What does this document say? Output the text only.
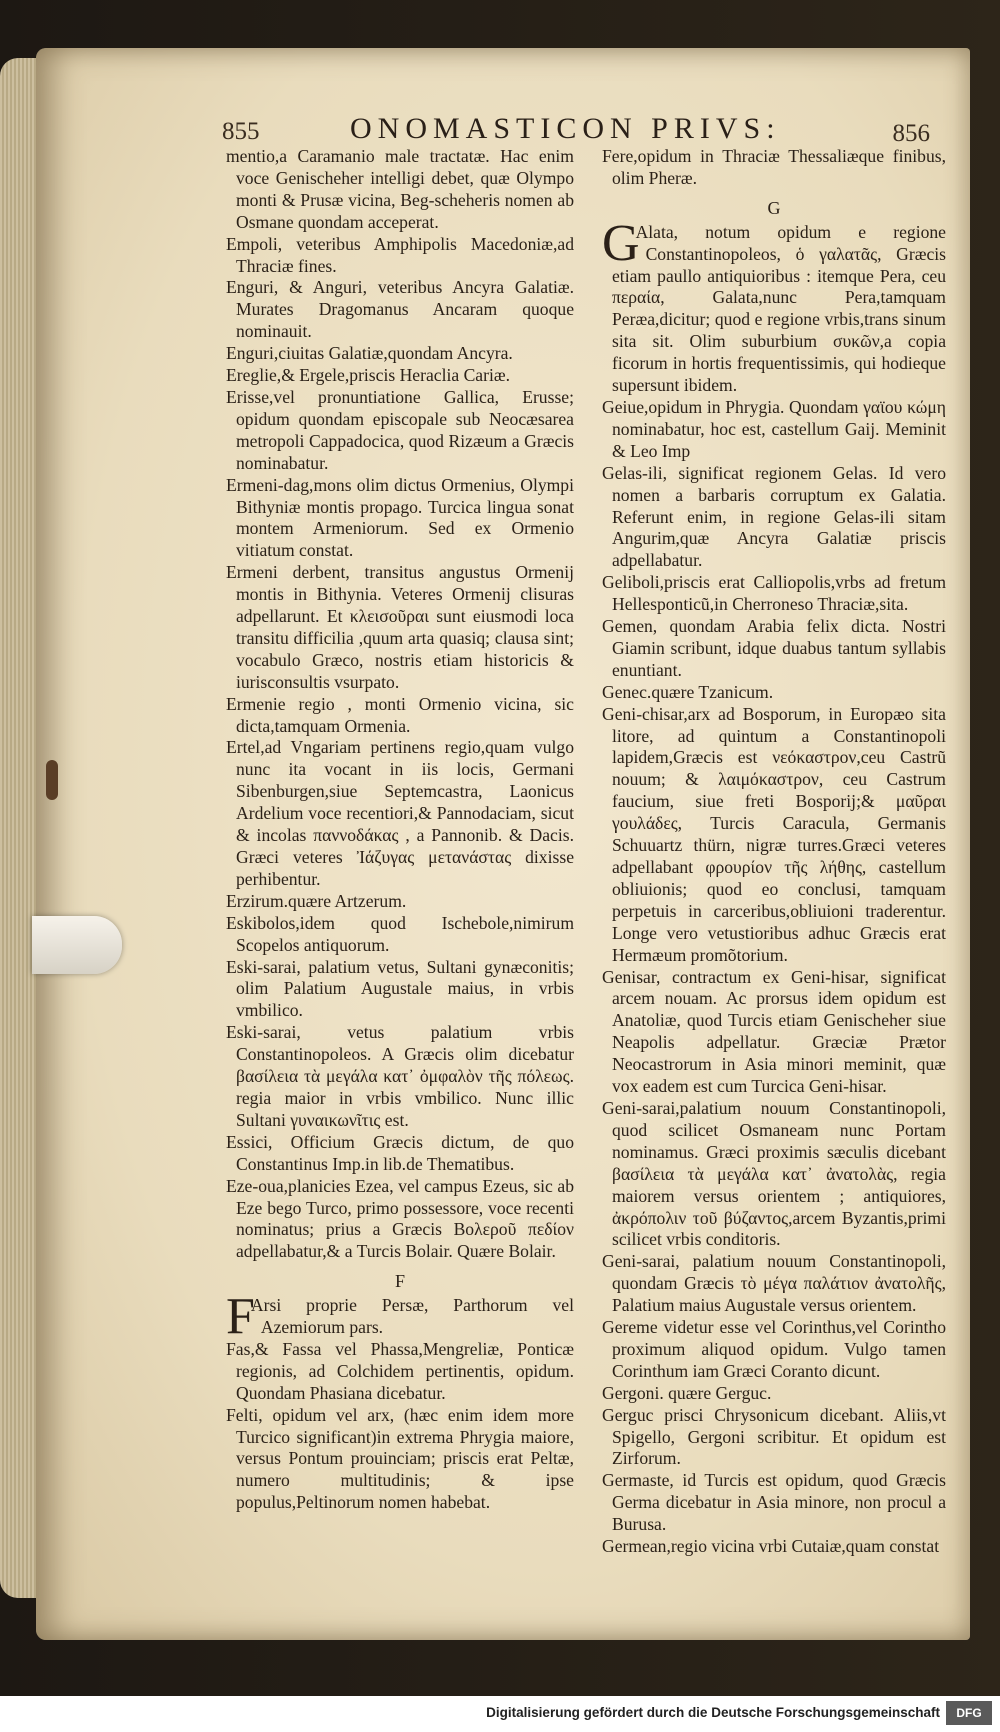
855	ONOMASTICON PRIVS:	856
mentio,a Caramanio male tractatæ. Hac enim voce Genischeher intelligi debet, quæ Olympo monti & Prusæ vicina, Beg-scheheris nomen ab Osmane quondam acceperat.
Empoli, veteribus Amphipolis Macedoniæ,ad Thraciæ fines.
Enguri, & Anguri, veteribus Ancyra Galatiæ. Murates Dragomanus Ancaram quoque nominauit.
Enguri,ciuitas Galatiæ,quondam Ancyra.
Ereglie,& Ergele,priscis Heraclia Cariæ.
Erisse,vel pronuntiatione Gallica, Erusse; opidum quondam episcopale sub Neocæsarea metropoli Cappadocica, quod Rizæum a Græcis nominabatur.
Ermeni-dag,mons olim dictus Ormenius, Olympi Bithyniæ montis propago. Turcica lingua sonat montem Armeniorum. Sed ex Ormenio vitiatum constat.
Ermeni derbent, transitus angustus Ormenij montis in Bithynia. Veteres Ormenij clisuras adpellarunt. Et κλεισοῦραι sunt eiusmodi loca transitu difficilia ,quum arta quasiq; clausa sint; vocabulo Græco, nostris etiam historicis & iurisconsultis vsurpato.
Ermenie regio , monti Ormenio vicina, sic dicta,tamquam Ormenia.
Ertel,ad Vngariam pertinens regio,quam vulgo nunc ita vocant in iis locis, Germani Sibenburgen,siue Septemcastra, Laonicus Ardelium voce recentiori,& Pannodaciam, sicut & incolas παννοδάκας , a Pannonib. & Dacis. Græci veteres Ἰάζυγας μετανάστας dixisse perhibentur.
Erzirum.quære Artzerum.
Eskibolos,idem quod Ischebole,nimirum Scopelos antiquorum.
Eski-sarai, palatium vetus, Sultani gynæconitis; olim Palatium Augustale maius, in vrbis vmbilico.
Eski-sarai, vetus palatium vrbis Constantinopoleos. A Græcis olim dicebatur βασίλεια τὰ μεγάλα κατ᾽ ὀμφαλὸν τῆς πόλεως. regia maior in vrbis vmbilico. Nunc illic Sultani γυναικωνῖτις est.
Essici, Officium Græcis dictum, de quo Constantinus Imp.in lib.de Thematibus.
Eze-oua,planicies Ezea, vel campus Ezeus, sic ab Eze bego Turco, primo possessore, voce recenti nominatus; prius a Græcis Βολεροῦ πεδίον adpellabatur,& a Turcis Bolair. Quære Bolair.
F
F
Arsi proprie Persæ, Parthorum vel Azemiorum pars.
Fas,& Fassa vel Phassa,Mengreliæ, Ponticæ regionis, ad Colchidem pertinentis, opidum. Quondam Phasiana dicebatur.
Felti, opidum vel arx, (hæc enim idem more Turcico significant)in extrema Phrygia maiore, versus Pontum prouinciam; priscis erat Peltæ, numero multitudinis; & ipse populus,Peltinorum nomen habebat.
Fere,opidum in Thraciæ Thessaliæque finibus, olim Pheræ.
G
G
Alata, notum opidum e regione Constantinopoleos, ὁ γαλατᾶς, Græcis etiam paullo antiquioribus : itemque Pera, ceu περαία, Galata,nunc Pera,tamquam Peræa,dicitur; quod e regione vrbis,trans sinum sita sit. Olim suburbium συκῶν,a copia ficorum in hortis frequentissimis, qui hodieque supersunt ibidem.
Geiue,opidum in Phrygia. Quondam γαϊου κώμη nominabatur, hoc est, castellum Gaij. Meminit & Leo Imp
Gelas-ili, significat regionem Gelas. Id vero nomen a barbaris corruptum ex Galatia. Referunt enim, in regione Gelas-ili sitam Angurim,quæ Ancyra Galatiæ priscis adpellabatur.
Geliboli,priscis erat Calliopolis,vrbs ad fretum Hellesponticũ,in Cherroneso Thraciæ,sita.
Gemen, quondam Arabia felix dicta. Nostri Giamin scribunt, idque duabus tantum syllabis enuntiant.
Genec.quære Tzanicum.
Geni-chisar,arx ad Bosporum, in Europæo sita litore, ad quintum a Constantinopoli lapidem,Græcis est νεόκαστρον,ceu Castrũ nouum; & λαιμόκαστρον, ceu Castrum faucium, siue freti Bosporij;& μαῦραι γουλάδες, Turcis Caracula, Germanis Schuuartz thürn, nigræ turres.Græci veteres adpellabant φρουρίον τῆς λήθης, castellum obliuionis; quod eo conclusi, tamquam perpetuis in carceribus,obliuioni traderentur. Longe vero vetustioribus adhuc Græcis erat Hermæum promõtorium.
Genisar, contractum ex Geni-hisar, significat arcem nouam. Ac prorsus idem opidum est Anatoliæ, quod Turcis etiam Genischeher siue Neapolis adpellatur. Græciæ Prætor Neocastrorum in Asia minori meminit, quæ vox eadem est cum Turcica Geni-hisar.
Geni-sarai,palatium nouum Constantinopoli, quod scilicet Osmaneam nunc Portam nominamus. Græci proximis sæculis dicebant βασίλεια τὰ μεγάλα κατ᾽ ἀνατολὰς, regia maiorem versus orientem ; antiquiores, ἀκρόπολιν τοῦ βύζαντος,arcem Byzantis,primi scilicet vrbis conditoris.
Geni-sarai, palatium nouum Constantinopoli, quondam Græcis τὸ μέγα παλάτιον ἀνατολῆς, Palatium maius Augustale versus orientem.
Gereme videtur esse vel Corinthus,vel Corintho proximum aliquod opidum. Vulgo tamen Corinthum iam Græci Coranto dicunt.
Gergoni. quære Gerguc.
Gerguc prisci Chrysonicum dicebant. Aliis,vt Spigello, Gergoni scribitur. Et opidum est Zirforum.
Germaste, id Turcis est opidum, quod Græcis Germa dicebatur in Asia minore, non procul a Burusa.
Germean,regio vicina vrbi Cutaiæ,quam constat
Digitalisierung gefördert durch die Deutsche Forschungsgemeinschaft	DFG
